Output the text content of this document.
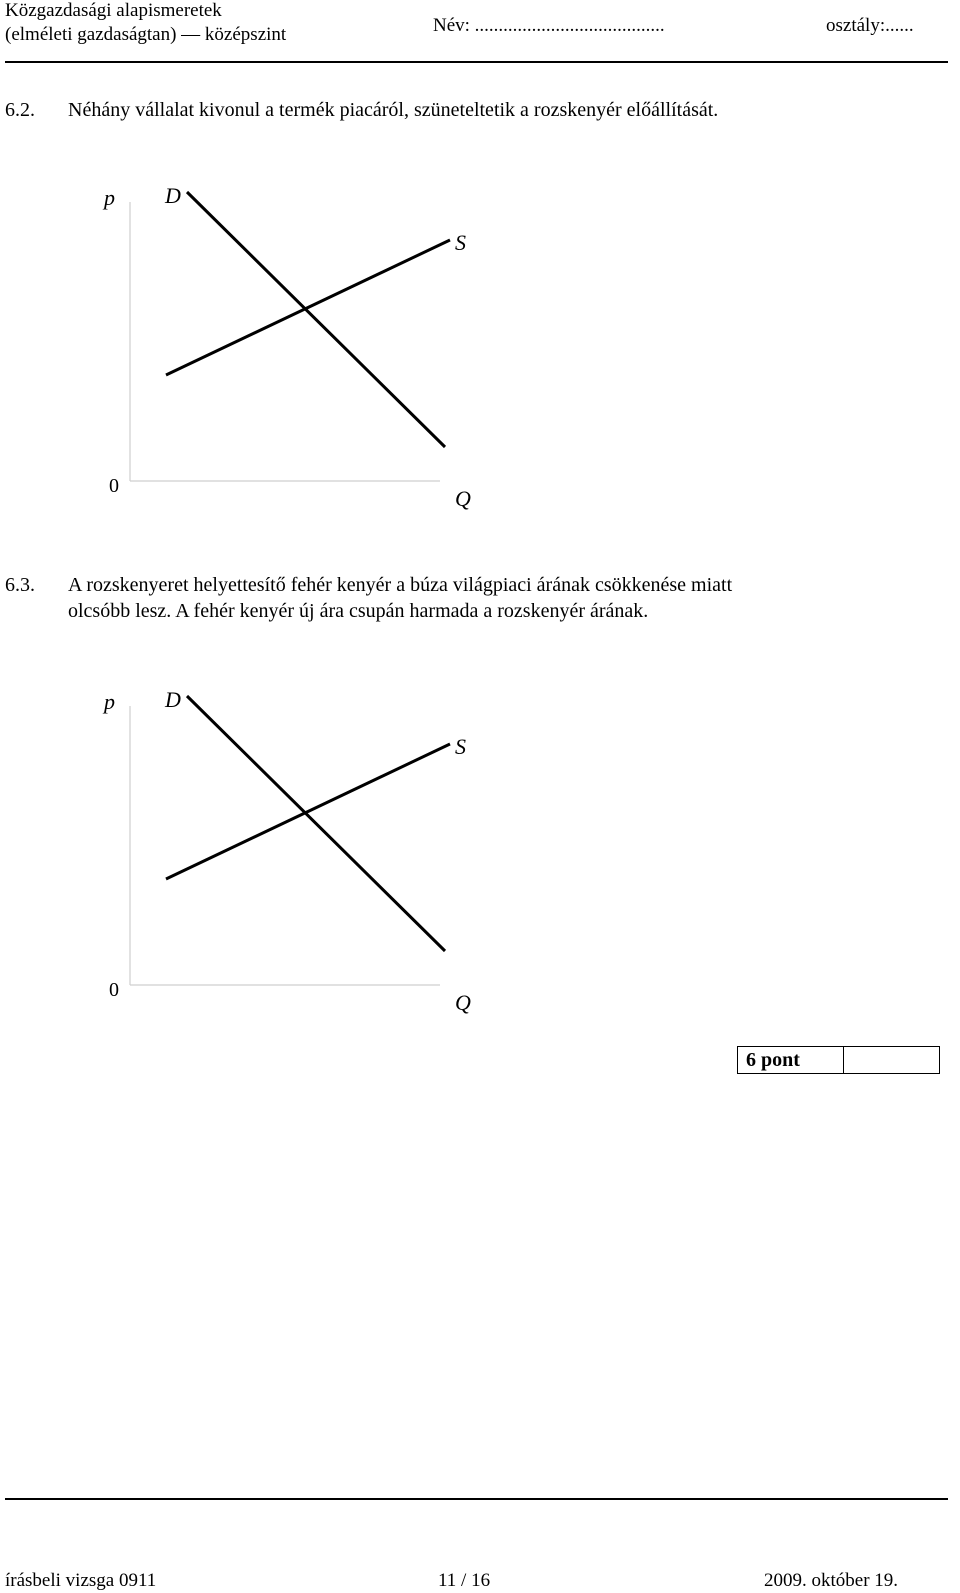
Közgazdasági alapismeretek
(elméleti gazdaságtan) — középszint	Név: ........................................	osztály:......
6.2. Néhány vállalat kivonul a termék piacáról, szüneteltetik a rozskenyér előállítását.
p D
S
0	Q
6.3. A rozskenyeret helyettesítő fehér kenyér a búza világpiaci árának csökkenése miatt
olcsóbb lesz. A fehér kenyér új ára csupán harmada a rozskenyér árának.
p D
S
0	Q
6 pont
írásbeli vizsga 0911	11 / 16	2009. október 19.
